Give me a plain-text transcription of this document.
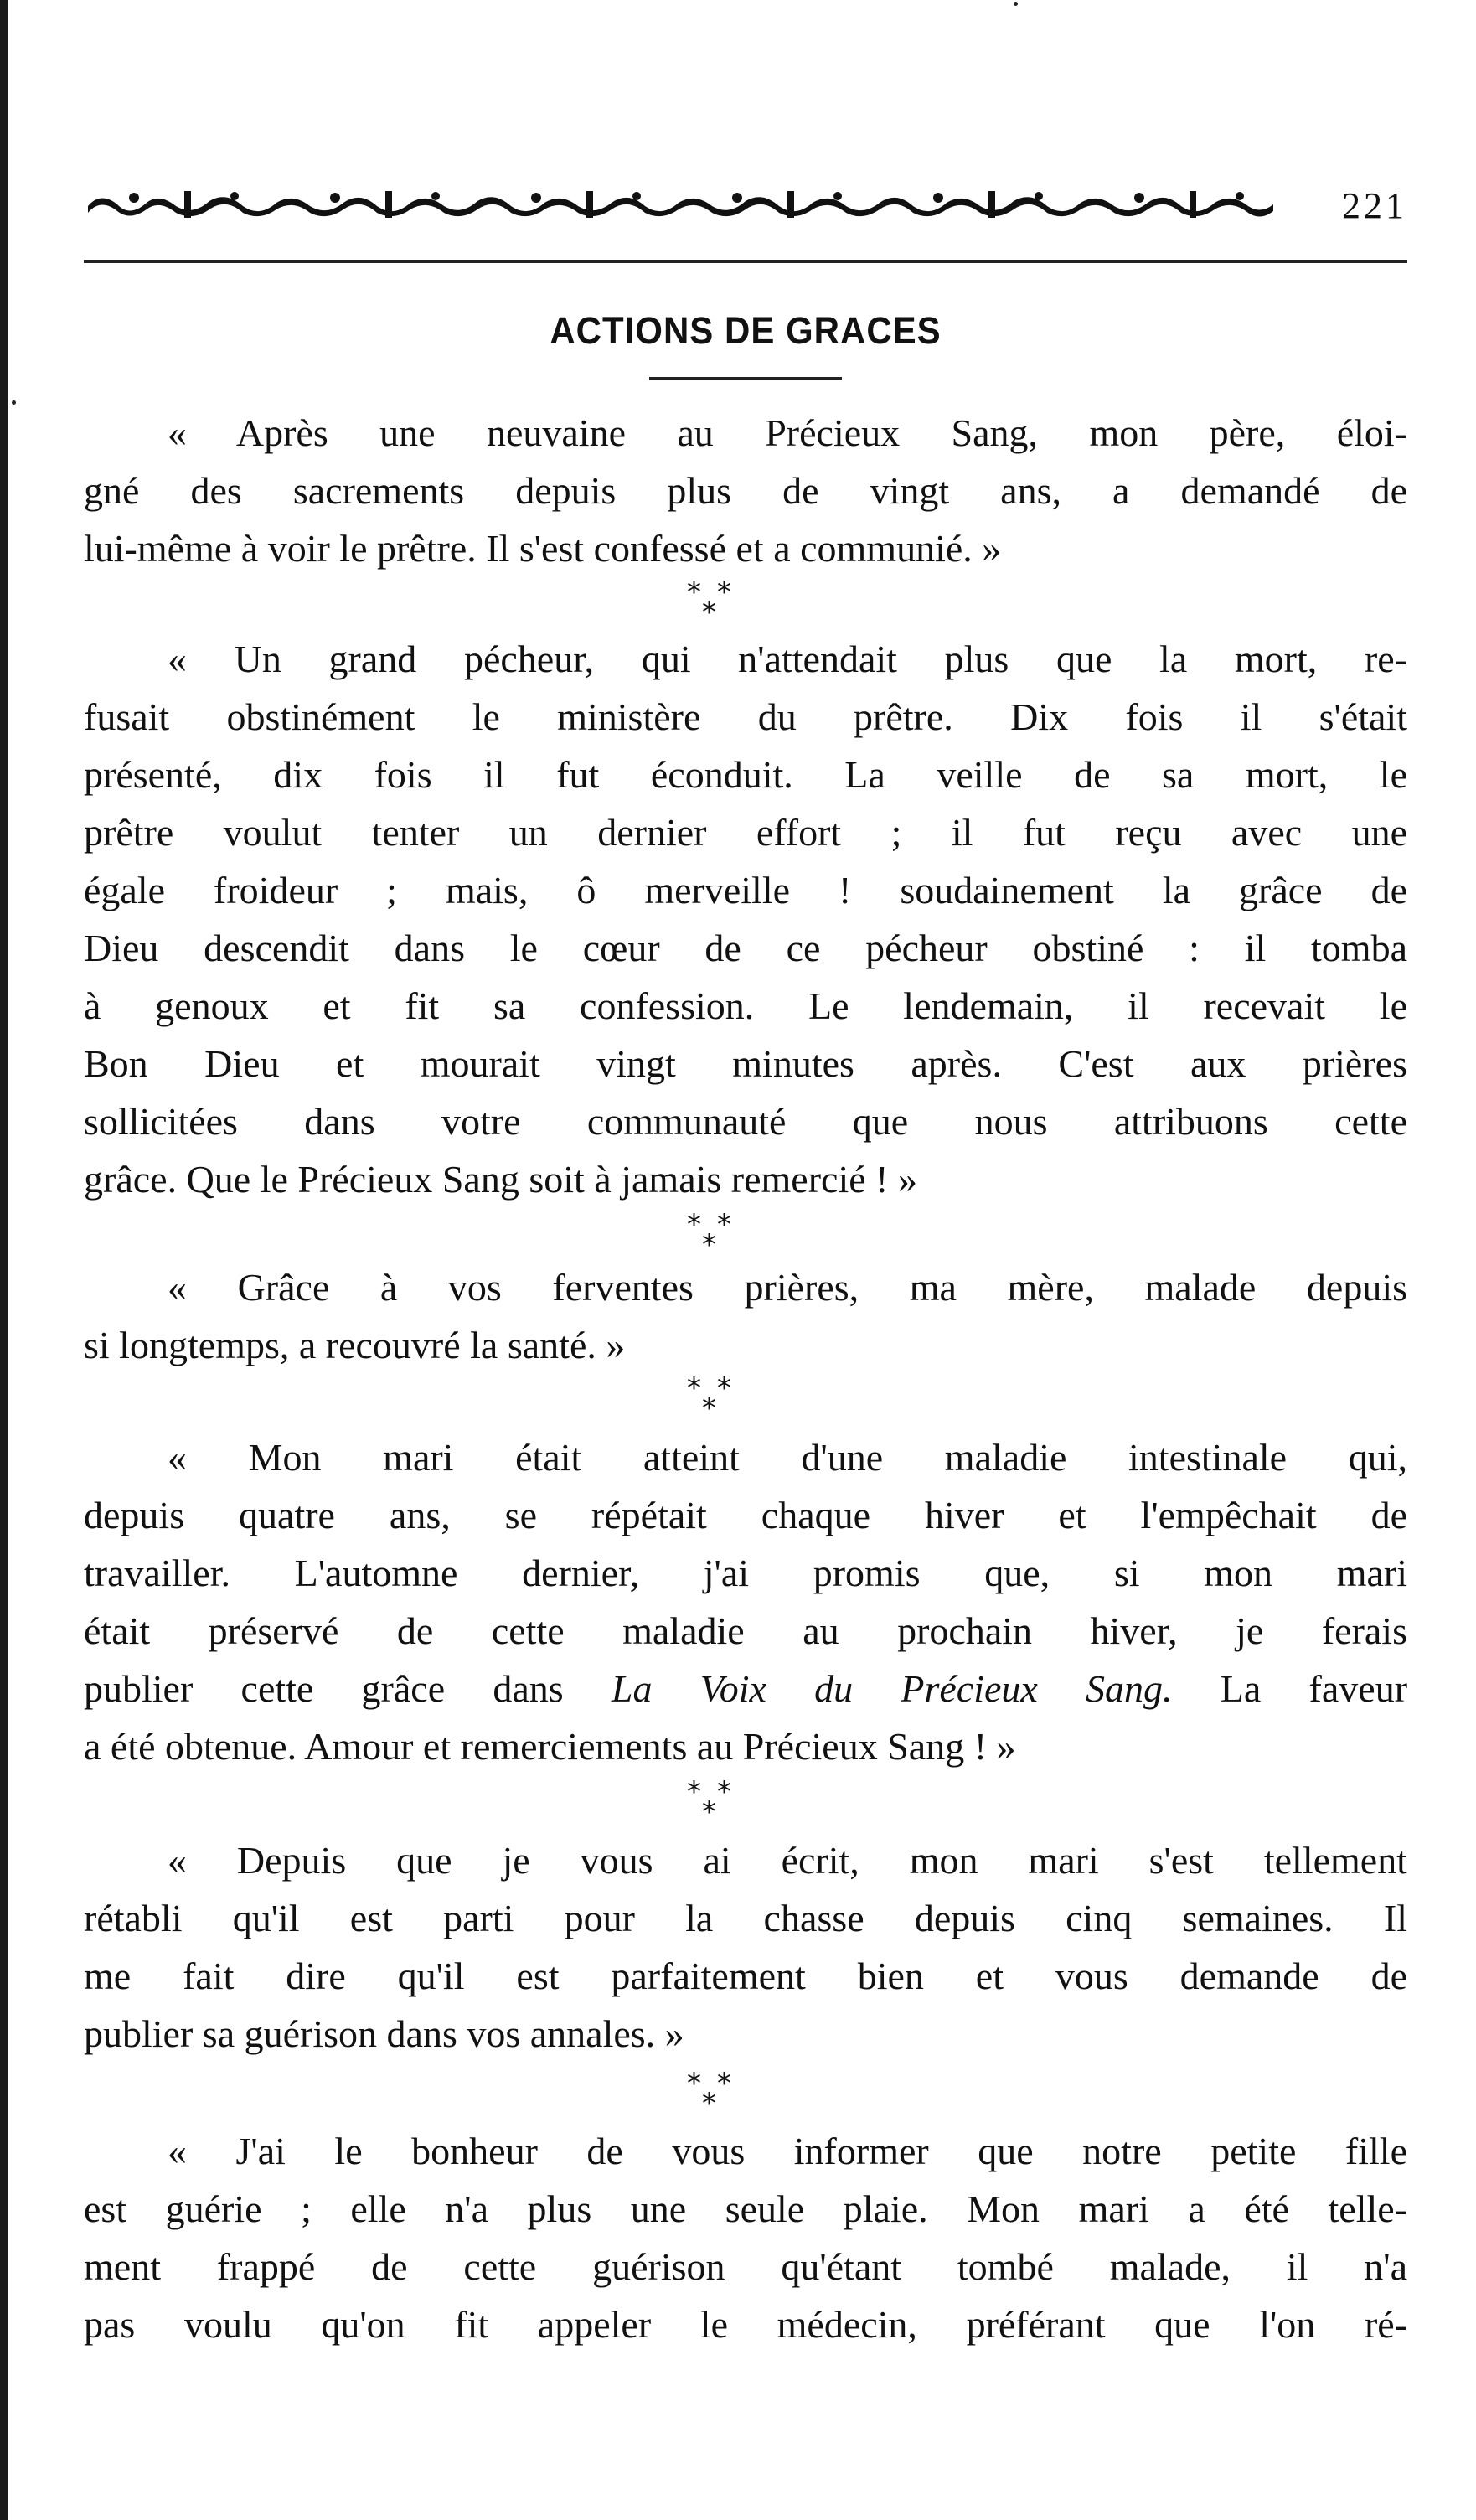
221
ACTIONS DE GRACES
« Après une neuvaine au Précieux Sang, mon père, éloi-
gné des sacrements depuis plus de vingt ans, a demandé de
lui-même à voir le prêtre. Il s'est confessé et a communié. »
* *
*
« Un grand pécheur, qui n'attendait plus que la mort, re-
fusait obstinément le ministère du prêtre. Dix fois il s'était
présenté, dix fois il fut éconduit. La veille de sa mort, le
prêtre voulut tenter un dernier effort ; il fut reçu avec une
égale froideur ; mais, ô merveille ! soudainement la grâce de
Dieu descendit dans le cœur de ce pécheur obstiné : il tomba
à genoux et fit sa confession. Le lendemain, il recevait le
Bon Dieu et mourait vingt minutes après. C'est aux prières
sollicitées dans votre communauté que nous attribuons cette
grâce. Que le Précieux Sang soit à jamais remercié ! »
* *
*
« Grâce à vos ferventes prières, ma mère, malade depuis
si longtemps, a recouvré la santé. »
* *
*
« Mon mari était atteint d'une maladie intestinale qui,
depuis quatre ans, se répétait chaque hiver et l'empêchait de
travailler. L'automne dernier, j'ai promis que, si mon mari
était préservé de cette maladie au prochain hiver, je ferais
publier cette grâce dans La Voix du Précieux Sang. La faveur
a été obtenue. Amour et remerciements au Précieux Sang ! »
* *
*
« Depuis que je vous ai écrit, mon mari s'est tellement
rétabli qu'il est parti pour la chasse depuis cinq semaines. Il
me fait dire qu'il est parfaitement bien et vous demande de
publier sa guérison dans vos annales. »
* *
*
« J'ai le bonheur de vous informer que notre petite fille
est guérie ; elle n'a plus une seule plaie. Mon mari a été telle-
ment frappé de cette guérison qu'étant tombé malade, il n'a
pas voulu qu'on fit appeler le médecin, préférant que l'on ré-
